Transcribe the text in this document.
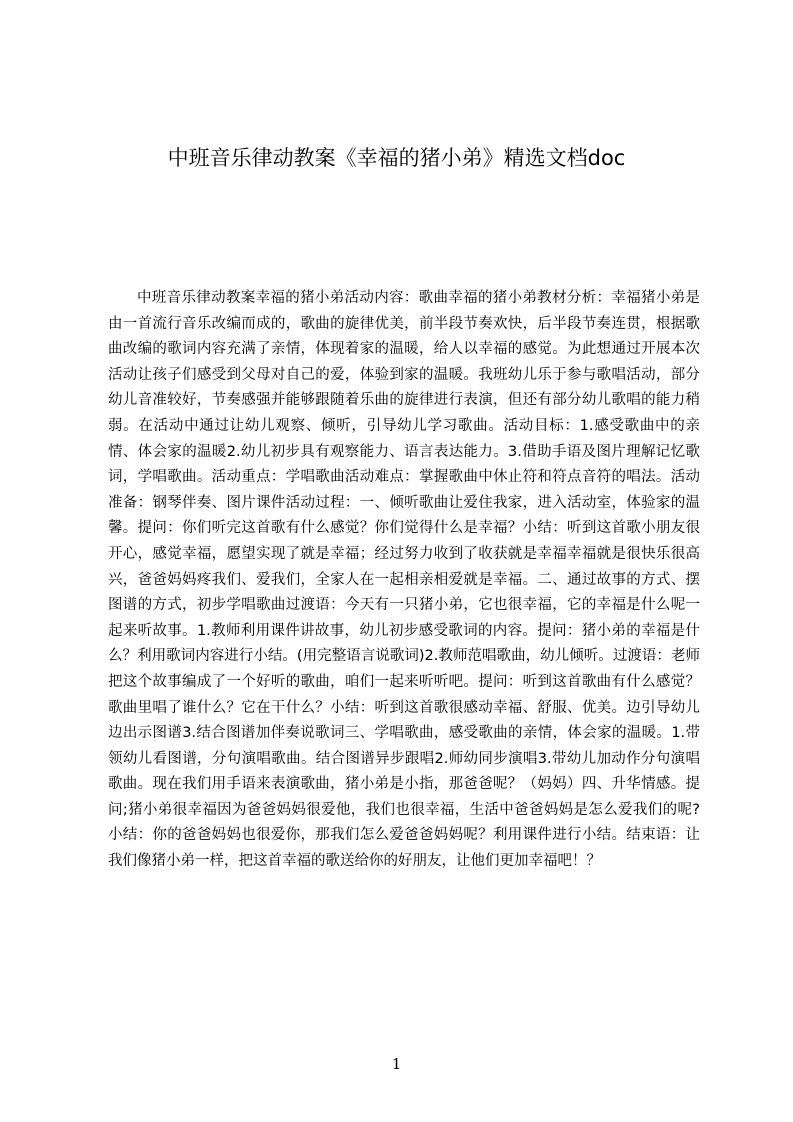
中班音乐律动教案《幸福的猪小弟》精选文档doc

中班音乐律动教案幸福的猪小弟活动内容：歌曲幸福的猪小弟教材分析：幸福猪小弟是由一首流行音乐改编而成的，歌曲的旋律优美，前半段节奏欢快，后半段节奏连贯，根据歌曲改编的歌词内容充满了亲情，体现着家的温暖，给人以幸福的感觉。为此想通过开展本次活动让孩子们感受到父母对自己的爱，体验到家的温暖。我班幼儿乐于参与歌唱活动，部分幼儿音准较好，节奏感强并能够跟随着乐曲的旋律进行表演，但还有部分幼儿歌唱的能力稍弱。在活动中通过让幼儿观察、倾听，引导幼儿学习歌曲。活动目标：1.感受歌曲中的亲情、体会家的温暖2.幼儿初步具有观察能力、语言表达能力。3.借助手语及图片理解记忆歌词，学唱歌曲。活动重点：学唱歌曲活动难点：掌握歌曲中休止符和符点音符的唱法。活动准备：钢琴伴奏、图片课件活动过程：一、倾听歌曲让爱住我家，进入活动室，体验家的温馨。提问：你们听完这首歌有什么感觉？你们觉得什么是幸福？小结：听到这首歌小朋友很开心，感觉幸福，愿望实现了就是幸福；经过努力收到了收获就是幸福幸福就是很快乐很高兴，爸爸妈妈疼我们、爱我们，全家人在一起相亲相爱就是幸福。二、通过故事的方式、摆图谱的方式，初步学唱歌曲过渡语：今天有一只猪小弟，它也很幸福，它的幸福是什么呢一起来听故事。1.教师利用课件讲故事，幼儿初步感受歌词的内容。提问：猪小弟的幸福是什么？利用歌词内容进行小结。(用完整语言说歌词)2.教师范唱歌曲，幼儿倾听。过渡语：老师把这个故事编成了一个好听的歌曲，咱们一起来听听吧。提问：听到这首歌曲有什么感觉？歌曲里唱了谁什么？它在干什么？小结：听到这首歌很感动幸福、舒服、优美。边引导幼儿边出示图谱3.结合图谱加伴奏说歌词三、学唱歌曲，感受歌曲的亲情，体会家的温暖。1.带领幼儿看图谱，分句演唱歌曲。结合图谱异步跟唱2.师幼同步演唱3.带幼儿加动作分句演唱歌曲。现在我们用手语来表演歌曲，猪小弟是小指，那爸爸呢？（妈妈）四、升华情感。提问;猪小弟很幸福因为爸爸妈妈很爱他，我们也很幸福，生活中爸爸妈妈是怎么爱我们的呢?小结：你的爸爸妈妈也很爱你，那我们怎么爱爸爸妈妈呢？利用课件进行小结。结束语：让我们像猪小弟一样，把这首幸福的歌送给你的好朋友，让他们更加幸福吧！？

1
